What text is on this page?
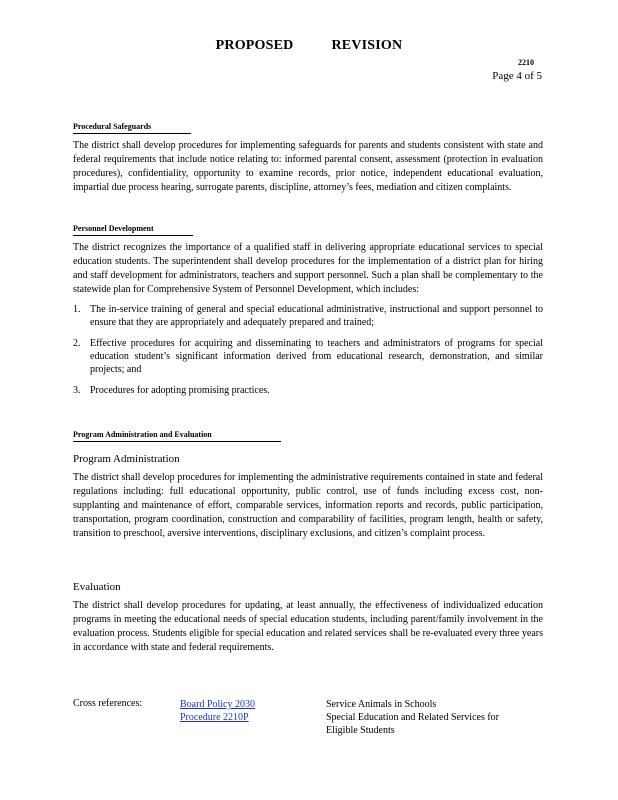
PROPOSED	REVISION
2210
Page 4 of 5
Procedural Safeguards

The district shall develop procedures for implementing safeguards for parents and students consistent with state and federal requirements that include notice relating to: informed parental consent, assessment (protection in evaluation procedures), confidentiality, opportunity to examine records, prior notice, independent educational evaluation, impartial due process hearing, surrogate parents, discipline, attorney’s fees, mediation and citizen complaints.

Personnel Development

The district recognizes the importance of a qualified staff in delivering appropriate educational services to special education students. The superintendent shall develop procedures for the implementation of a district plan for hiring and staff development for administrators, teachers and support personnel. Such a plan shall be complementary to the statewide plan for Comprehensive System of Personnel Development, which includes:

1. The in-service training of general and special educational administrative, instructional and support personnel to ensure that they are appropriately and adequately prepared and trained;
2. Effective procedures for acquiring and disseminating to teachers and administrators of programs for special education student’s significant information derived from educational research, demonstration, and similar projects; and
3. Procedures for adopting promising practices.
Program Administration and Evaluation
Program Administration

The district shall develop procedures for implementing the administrative requirements contained in state and federal regulations including: full educational opportunity, public control, use of funds including excess cost, non-supplanting and maintenance of effort, comparable services, information reports and records, public participation, transportation, program coordination, construction and comparability of facilities, program length, health or safety, transition to preschool, aversive interventions, disciplinary exclusions, and citizen’s complaint process.

Evaluation

The district shall develop procedures for updating, at least annually, the effectiveness of individualized education programs in meeting the educational needs of special education students, including parent/family involvement in the evaluation process. Students eligible for special education and related services shall be re-evaluated every three years in accordance with state and federal requirements.

Cross references:	Board Policy 2030
Procedure 2210P
Service Animals in Schools
Special Education and Related Services for Eligible Students
